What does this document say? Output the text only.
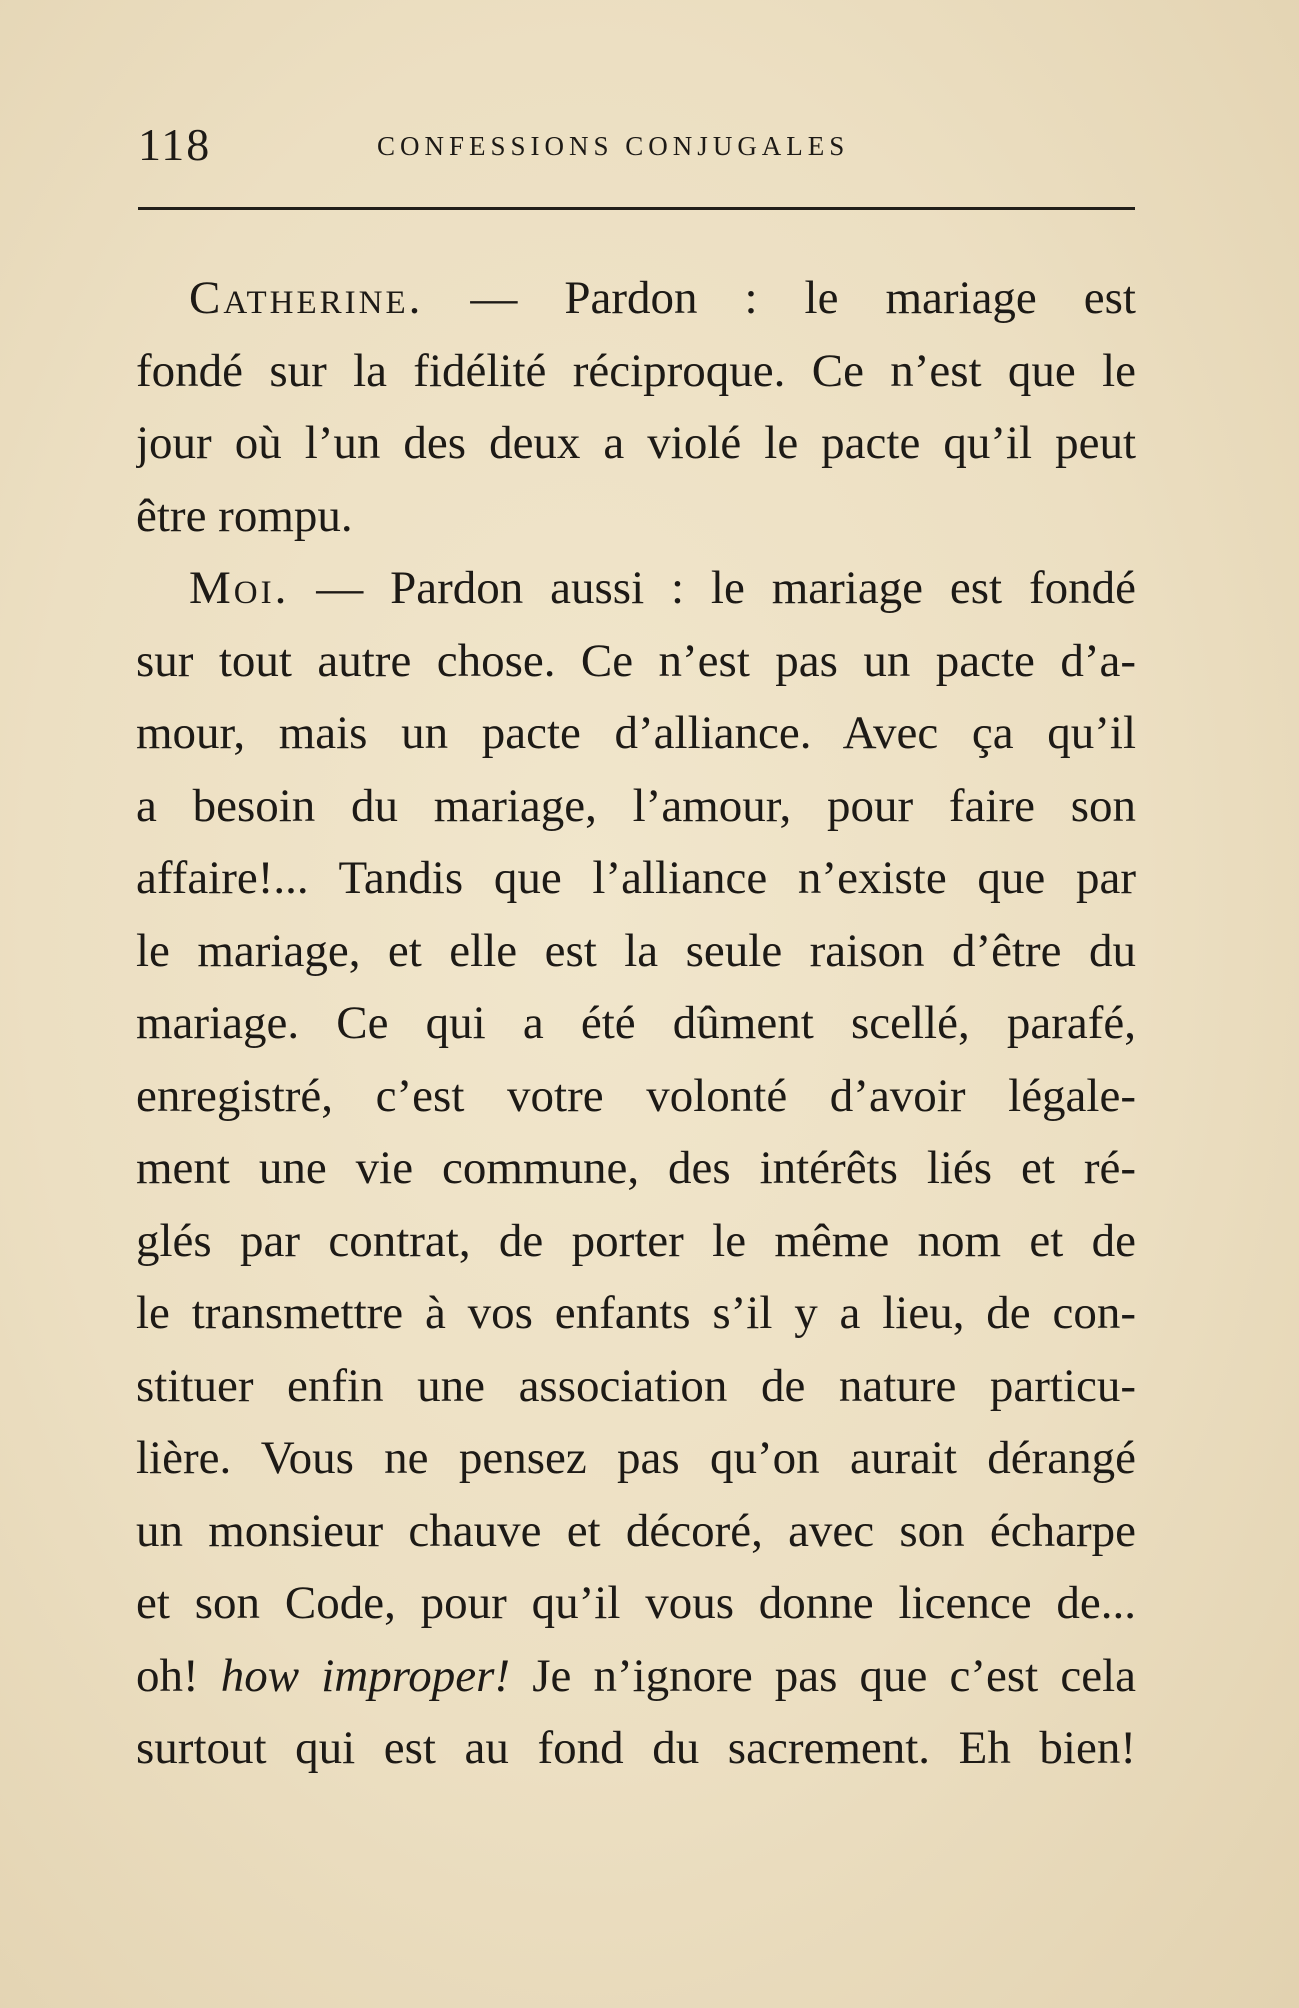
118	CONFESSIONS CONJUGALES
Catherine. — Pardon : le mariage est
fondé sur la fidélité réciproque. Ce n’est que le
jour où l’un des deux a violé le pacte qu’il peut
être rompu.
Moi. — Pardon aussi : le mariage est fondé
sur tout autre chose. Ce n’est pas un pacte d’a-
mour, mais un pacte d’alliance. Avec ça qu’il
a besoin du mariage, l’amour, pour faire son
affaire!... Tandis que l’alliance n’existe que par
le mariage, et elle est la seule raison d’être du
mariage. Ce qui a été dûment scellé, parafé,
enregistré, c’est votre volonté d’avoir légale-
ment une vie commune, des intérêts liés et ré-
glés par contrat, de porter le même nom et de
le transmettre à vos enfants s’il y a lieu, de con-
stituer enfin une association de nature particu-
lière. Vous ne pensez pas qu’on aurait dérangé
un monsieur chauve et décoré, avec son écharpe
et son Code, pour qu’il vous donne licence de...
oh! how improper! Je n’ignore pas que c’est cela
surtout qui est au fond du sacrement. Eh bien!
